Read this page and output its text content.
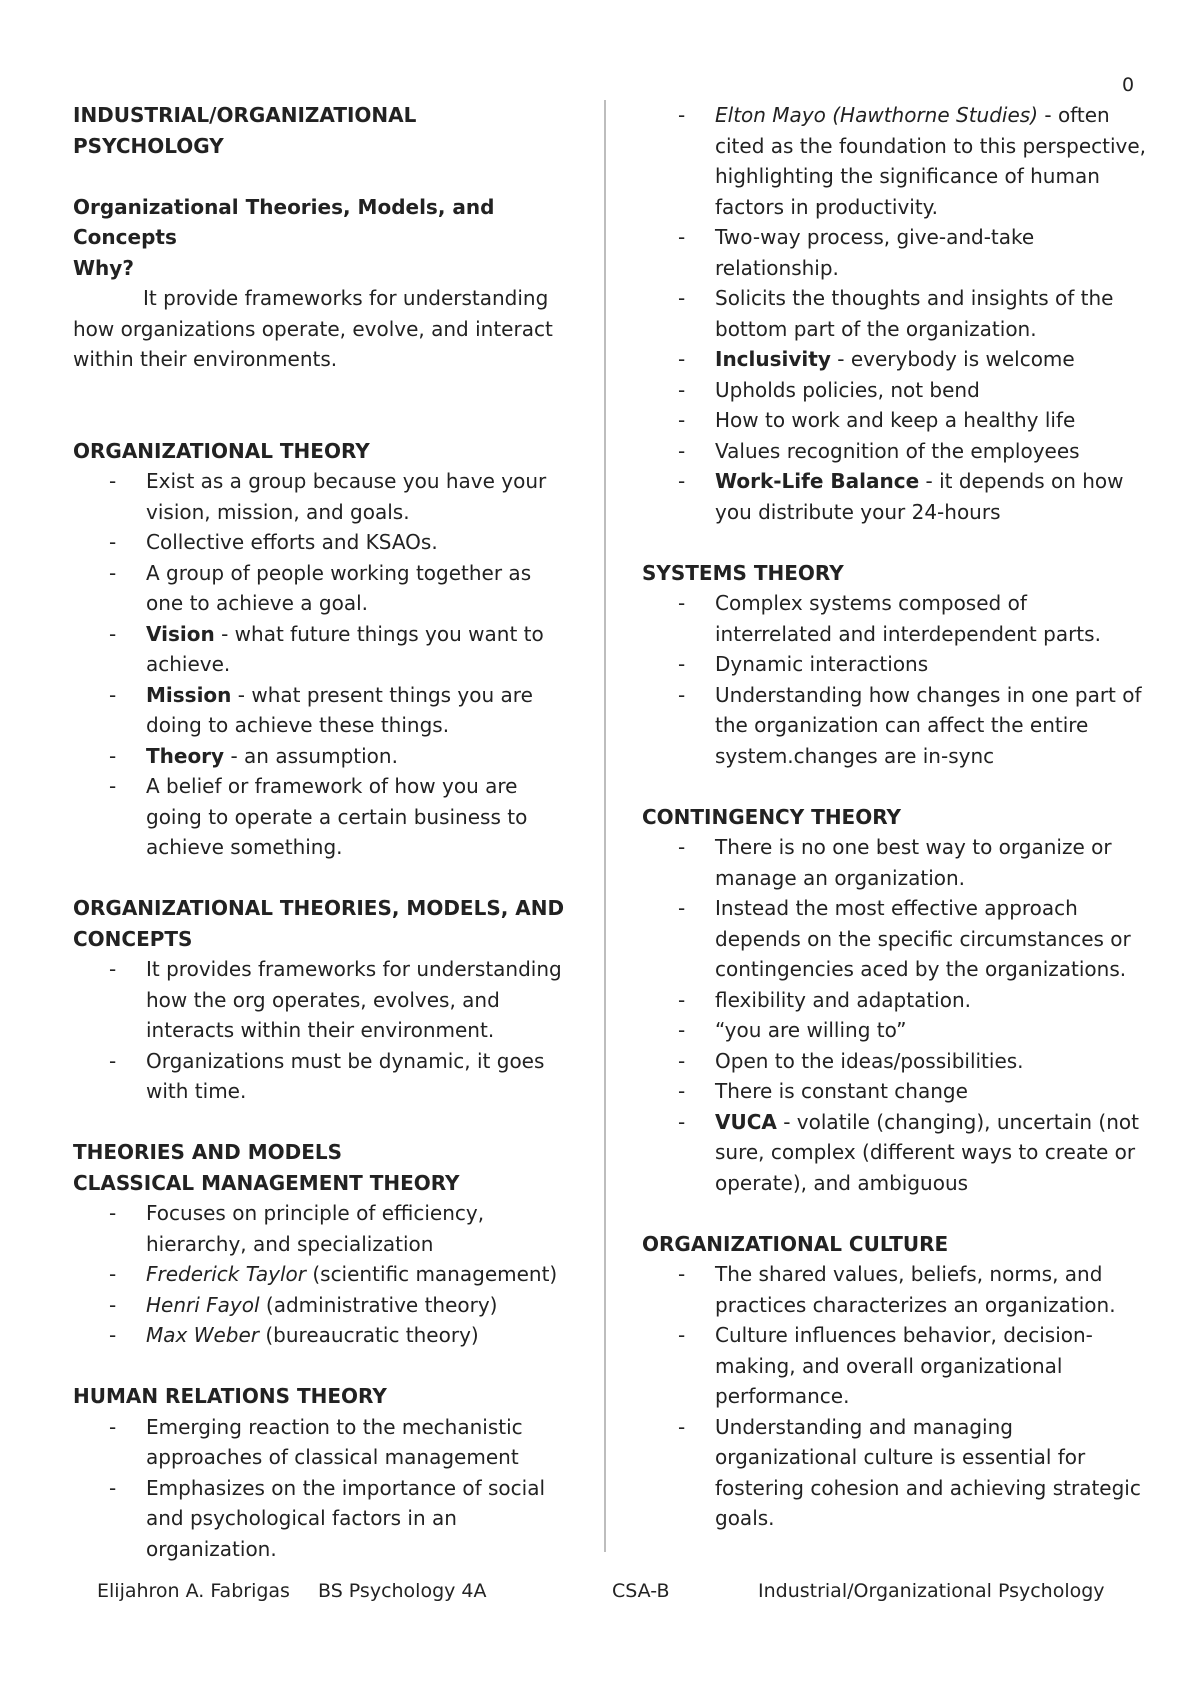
0
INDUSTRIAL/ORGANIZATIONAL
PSYCHOLOGY
Organizational Theories, Models, and Concepts
Why?
It provide frameworks for understanding how organizations operate, evolve, and interact within their environments.
ORGANIZATIONAL THEORY
- Exist as a group because you have your vision, mission, and goals.
- Collective efforts and KSAOs.
- A group of people working together as one to achieve a goal.
- Vision - what future things you want to achieve.
- Mission - what present things you are doing to achieve these things.
- Theory - an assumption.
- A belief or framework of how you are going to operate a certain business to achieve something.
ORGANIZATIONAL THEORIES, MODELS, AND
CONCEPTS
- It provides frameworks for understanding how the org operates, evolves, and interacts within their environment.
- Organizations must be dynamic, it goes with time.
THEORIES AND MODELS
CLASSICAL MANAGEMENT THEORY
- Focuses on principle of efficiency, hierarchy, and specialization
- Frederick Taylor (scientific management)
- Henri Fayol (administrative theory)
- Max Weber (bureaucratic theory)
HUMAN RELATIONS THEORY
- Emerging reaction to the mechanistic approaches of classical management
- Emphasizes on the importance of social and psychological factors in an organization.
- Elton Mayo (Hawthorne Studies) - often cited as the foundation to this perspective, highlighting the significance of human factors in productivity.
- Two-way process, give-and-take relationship.
- Solicits the thoughts and insights of the bottom part of the organization.
- Inclusivity - everybody is welcome
- Upholds policies, not bend
- How to work and keep a healthy life
- Values recognition of the employees
- Work-Life Balance - it depends on how you distribute your 24-hours
SYSTEMS THEORY
- Complex systems composed of interrelated and interdependent parts.
- Dynamic interactions
- Understanding how changes in one part of the organization can affect the entire system.changes are in-sync
CONTINGENCY THEORY
- There is no one best way to organize or manage an organization.
- Instead the most effective approach depends on the specific circumstances or contingencies aced by the organizations.
- flexibility and adaptation.
- “you are willing to”
- Open to the ideas/possibilities.
- There is constant change
- VUCA - volatile (changing), uncertain (not sure, complex (different ways to create or operate), and ambiguous
ORGANIZATIONAL CULTURE
- The shared values, beliefs, norms, and practices characterizes an organization.
- Culture influences behavior, decision-making, and overall organizational performance.
- Understanding and managing organizational culture is essential for fostering cohesion and achieving strategic goals.
Elijahron A. Fabrigas BS Psychology 4A	CSA-B	Industrial/Organizational Psychology
